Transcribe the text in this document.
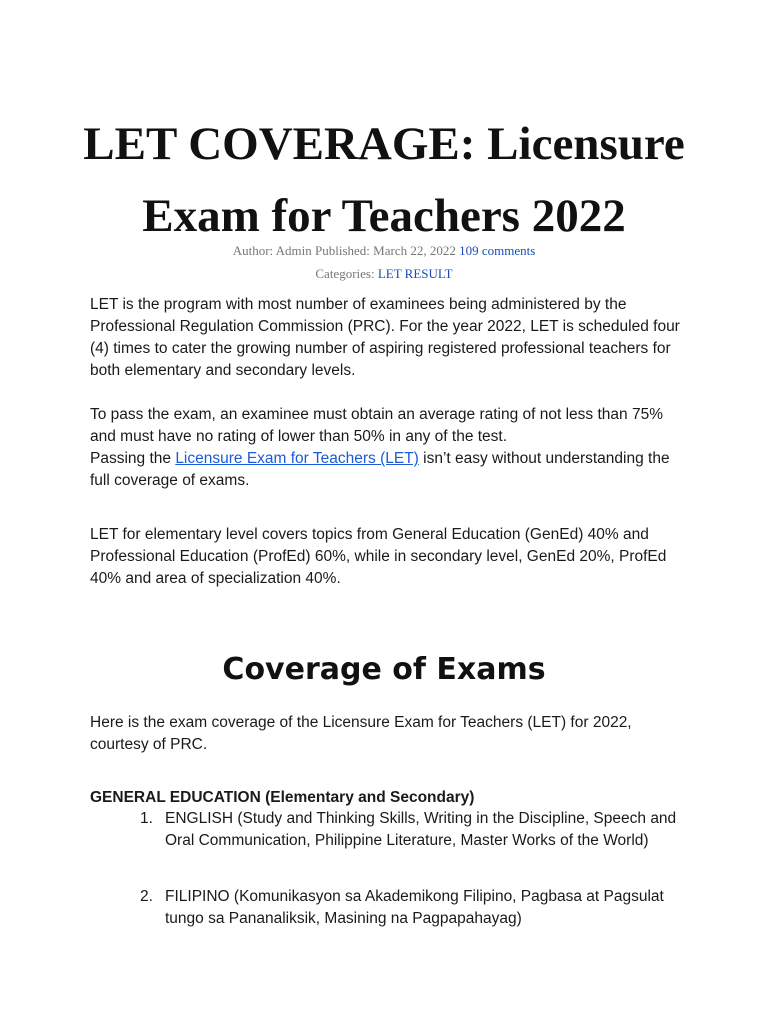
LET COVERAGE: Licensure Exam for Teachers 2022
Author: Admin Published: March 22, 2022 109 comments
Categories: LET RESULT

LET is the program with most number of examinees being administered by the Professional Regulation Commission (PRC). For the year 2022, LET is scheduled four (4) times to cater the growing number of aspiring registered professional teachers for both elementary and secondary levels.

To pass the exam, an examinee must obtain an average rating of not less than 75% and must have no rating of lower than 50% in any of the test.

Passing the Licensure Exam for Teachers (LET) isn’t easy without understanding the full coverage of exams.

LET for elementary level covers topics from General Education (GenEd) 40% and Professional Education (ProfEd) 60%, while in secondary level, GenEd 20%, ProfEd 40% and area of specialization 40%.

Coverage of Exams

Here is the exam coverage of the Licensure Exam for Teachers (LET) for 2022, courtesy of PRC.

GENERAL EDUCATION (Elementary and Secondary)

1. ENGLISH (Study and Thinking Skills, Writing in the Discipline, Speech and Oral Communication, Philippine Literature, Master Works of the World)
2. FILIPINO (Komunikasyon sa Akademikong Filipino, Pagbasa at Pagsulat tungo sa Pananaliksik, Masining na Pagpapahayag)
